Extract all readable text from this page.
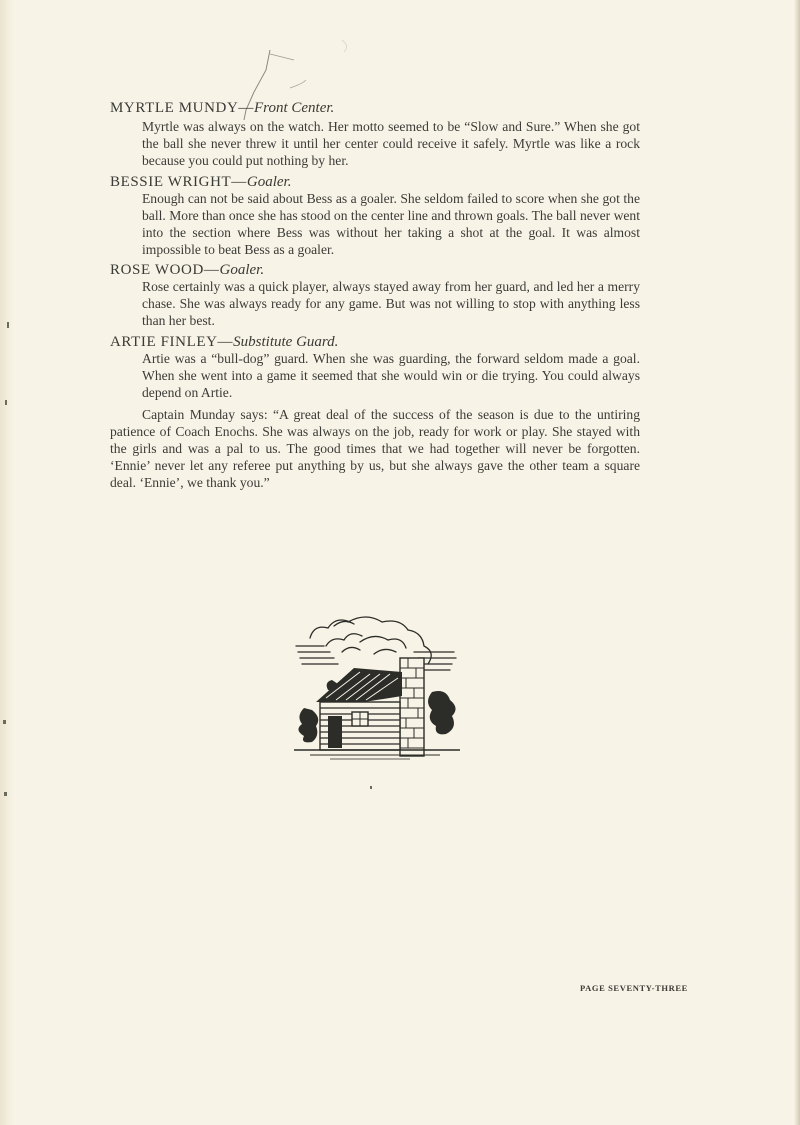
MYRTLE MUNDY—Front Center.
Myrtle was always on the watch. Her motto seemed to be “Slow and Sure.” When she got the ball she never threw it until her center could receive it safely. Myrtle was like a rock because you could put nothing by her.
BESSIE WRIGHT—Goaler.
Enough can not be said about Bess as a goaler. She seldom failed to score when she got the ball. More than once she has stood on the center line and thrown goals. The ball never went into the section where Bess was without her taking a shot at the goal. It was almost impossible to beat Bess as a goaler.
ROSE WOOD—Goaler.
Rose certainly was a quick player, always stayed away from her guard, and led her a merry chase. She was always ready for any game. But was not willing to stop with anything less than her best.
ARTIE FINLEY—Substitute Guard.
Artie was a “bull-dog” guard. When she was guarding, the forward seldom made a goal. When she went into a game it seemed that she would win or die trying. You could always depend on Artie.
Captain Munday says: “A great deal of the success of the season is due to the untiring patience of Coach Enochs. She was always on the job, ready for work or play. She stayed with the girls and was a pal to us. The good times that we had together will never be forgotten. ‘Ennie’ never let any referee put anything by us, but she always gave the other team a square deal. ‘Ennie’, we thank you.”
PAGE SEVENTY-THREE
